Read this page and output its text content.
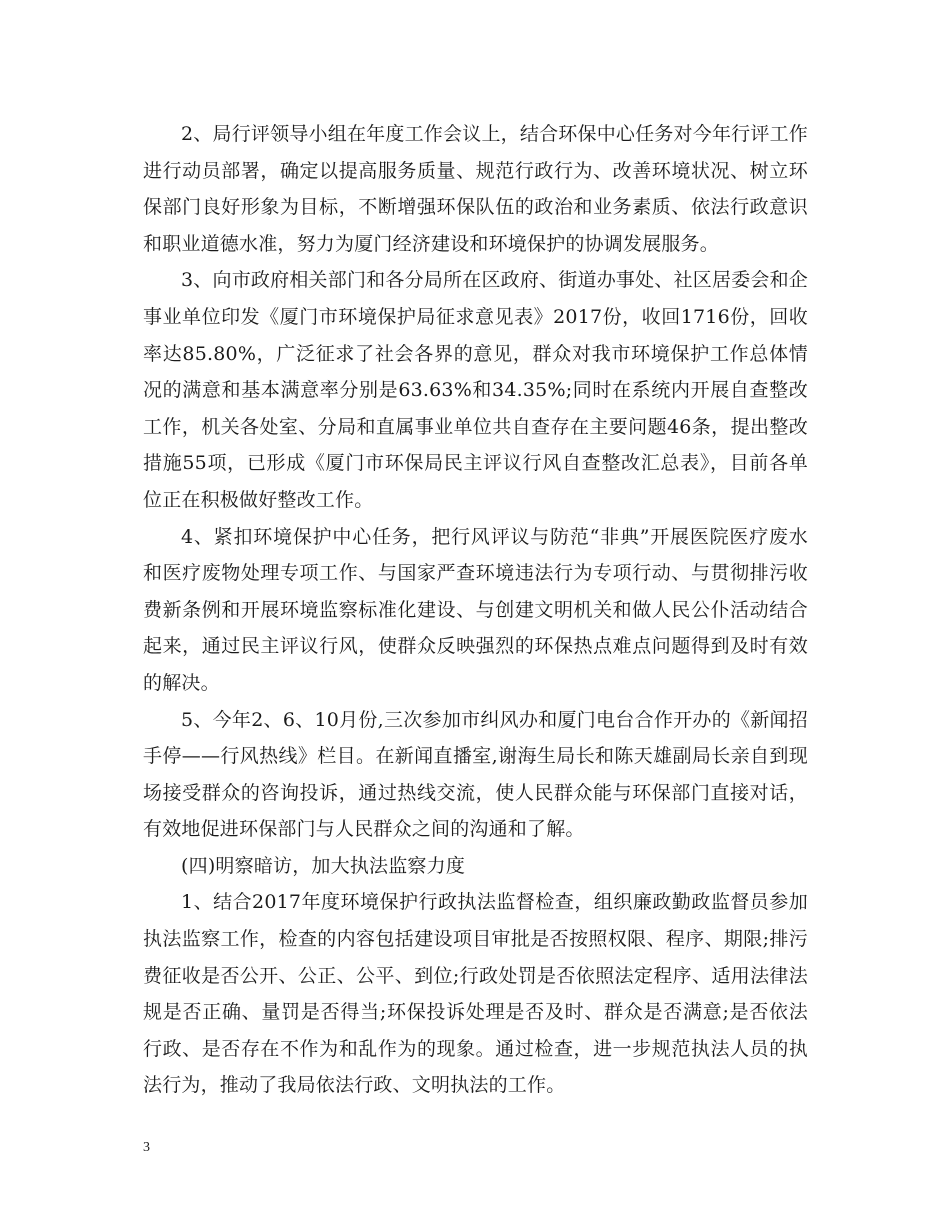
2、局行评领导小组在年度工作会议上，结合环保中心任务对今年行评工作进行动员部署，确定以提高服务质量、规范行政行为、改善环境状况、树立环保部门良好形象为目标，不断增强环保队伍的政治和业务素质、依法行政意识和职业道德水准，努力为厦门经济建设和环境保护的协调发展服务。

3、向市政府相关部门和各分局所在区政府、街道办事处、社区居委会和企事业单位印发《厦门市环境保护局征求意见表》2017份，收回1716份，回收率达85.80%，广泛征求了社会各界的意见，群众对我市环境保护工作总体情况的满意和基本满意率分别是63.63%和34.35%;同时在系统内开展自查整改工作，机关各处室、分局和直属事业单位共自查存在主要问题46条，提出整改措施55项，已形成《厦门市环保局民主评议行风自查整改汇总表》，目前各单位正在积极做好整改工作。

4、紧扣环境保护中心任务，把行风评议与防范“非典”开展医院医疗废水和医疗废物处理专项工作、与国家严查环境违法行为专项行动、与贯彻排污收费新条例和开展环境监察标准化建设、与创建文明机关和做人民公仆活动结合起来，通过民主评议行风，使群众反映强烈的环保热点难点问题得到及时有效的解决。

5、今年2、6、10月份,三次参加市纠风办和厦门电台合作开办的《新闻招手停——行风热线》栏目。在新闻直播室,谢海生局长和陈天雄副局长亲自到现场接受群众的咨询投诉，通过热线交流，使人民群众能与环保部门直接对话，有效地促进环保部门与人民群众之间的沟通和了解。

(四)明察暗访，加大执法监察力度

1、结合2017年度环境保护行政执法监督检查，组织廉政勤政监督员参加执法监察工作，检查的内容包括建设项目审批是否按照权限、程序、期限;排污费征收是否公开、公正、公平、到位;行政处罚是否依照法定程序、适用法律法规是否正确、量罚是否得当;环保投诉处理是否及时、群众是否满意;是否依法行政、是否存在不作为和乱作为的现象。通过检查，进一步规范执法人员的执法行为，推动了我局依法行政、文明执法的工作。

3
